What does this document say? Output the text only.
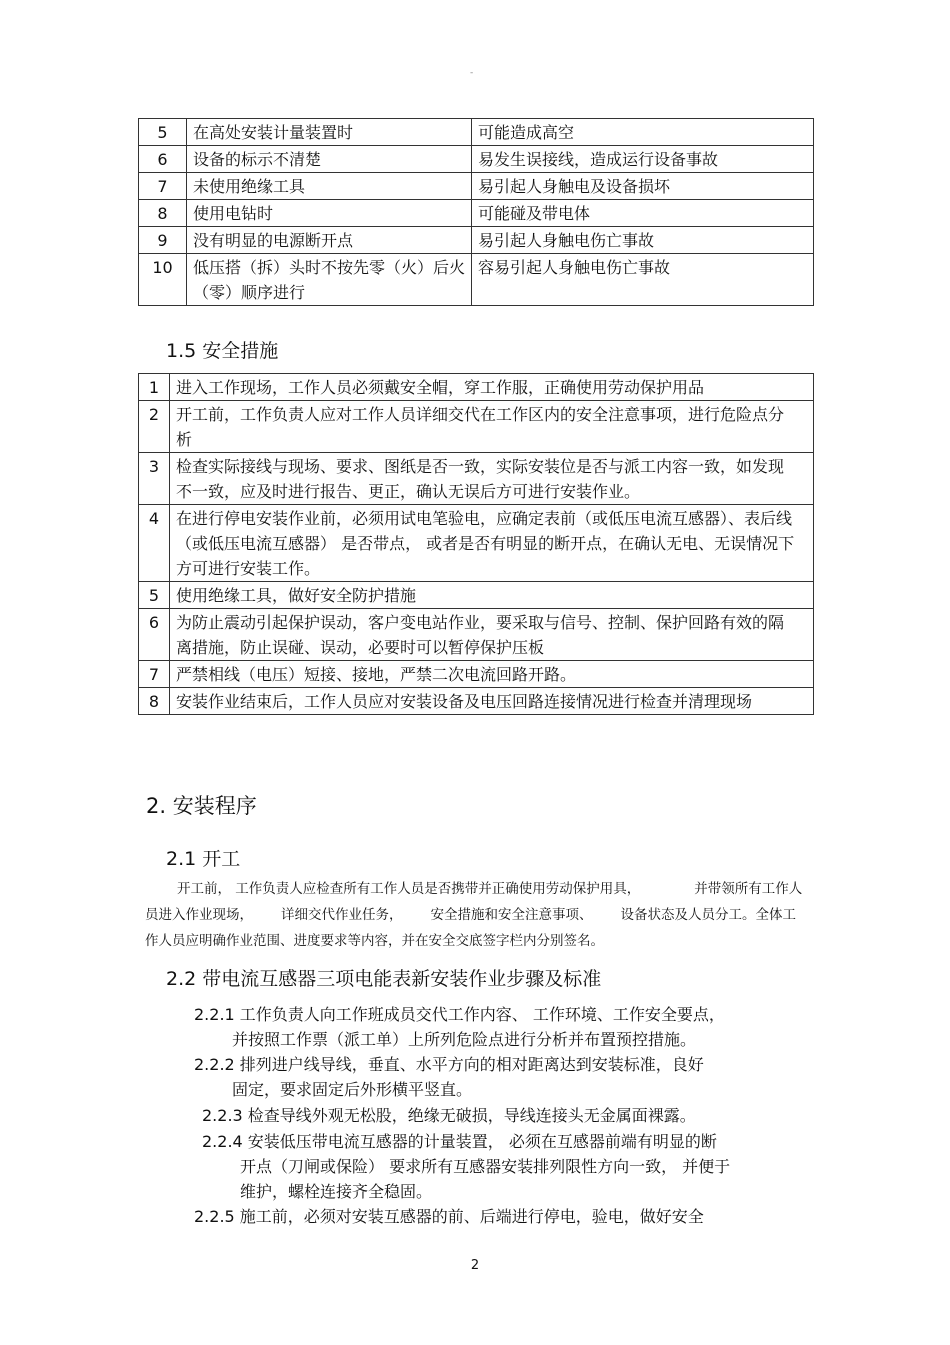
-
5	在高处安装计量装置时	可能造成高空
6	设备的标示不清楚	易发生误接线，造成运行设备事故
7	未使用绝缘工具	易引起人身触电及设备损坏
8	使用电钻时	可能碰及带电体
9	没有明显的电源断开点	易引起人身触电伤亡事故
10	低压搭（拆）头时不按先零（火）后火（零）顺序进行	容易引起人身触电伤亡事故
1.5 安全措施
1	进入工作现场，工作人员必须戴安全帽，穿工作服，正确使用劳动保护用品
2	开工前，工作负责人应对工作人员详细交代在工作区内的安全注意事项，进行危险点分析
3	检查实际接线与现场、要求、图纸是否一致，实际安装位是否与派工内容一致，如发现不一致，应及时进行报告、更正，确认无误后方可进行安装作业。
4	在进行停电安装作业前，必须用试电笔验电，应确定表前（或低压电流互感器）、表后线（或低压电流互感器） 是否带点， 或者是否有明显的断开点，在确认无电、无误情况下方可进行安装工作。
5	使用绝缘工具，做好安全防护措施
6	为防止震动引起保护误动，客户变电站作业，要采取与信号、控制、保护回路有效的隔离措施，防止误碰、误动，必要时可以暂停保护压板
7	严禁相线（电压）短接、接地，严禁二次电流回路开路。
8	安装作业结束后，工作人员应对安装设备及电压回路连接情况进行检查并清理现场
2. 安装程序
2.1 开工

开工前， 工作负责人应检查所有工作人员是否携带并正确使用劳动保护用具，	并带领所有工作人员进入作业现场， 详细交代作业任务， 安全措施和安全注意事项、 设备状态及人员分工。全体工作人员应明确作业范围、进度要求等内容，并在安全交底签字栏内分别签名。

2.2 带电流互感器三项电能表新安装作业步骤及标准
2.2.1 工作负责人向工作班成员交代工作内容、 工作环境、工作安全要点，
并按照工作票（派工单）上所列危险点进行分析并布置预控措施。
2.2.2 排列进户线导线，垂直、水平方向的相对距离达到安装标准，良好
固定，要求固定后外形横平竖直。
2.2.3 检查导线外观无松股，绝缘无破损，导线连接头无金属面裸露。
2.2.4 安装低压带电流互感器的计量装置， 必须在互感器前端有明显的断
开点（刀闸或保险） 要求所有互感器安装排列限性方向一致， 并便于
维护，螺栓连接齐全稳固。
2.2.5 施工前，必须对安装互感器的前、后端进行停电，验电，做好安全
2
